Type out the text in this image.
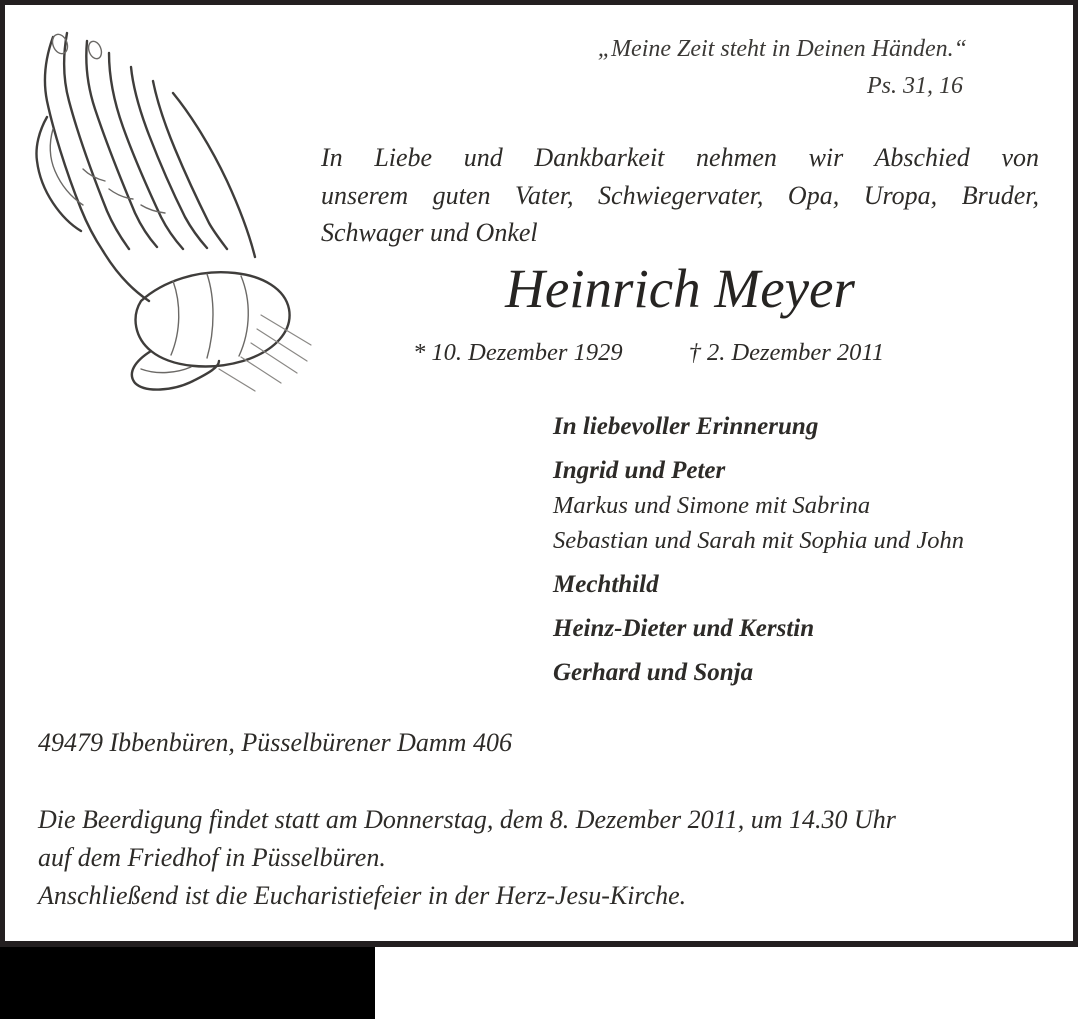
„Meine Zeit steht in Deinen Händen.“
Ps. 31, 16
In Liebe und Dankbarkeit nehmen wir Abschied von
unserem guten Vater, Schwiegervater, Opa, Uropa, Bruder,
Schwager und Onkel
Heinrich Meyer
* 10. Dezember 1929	† 2. Dezember 2011
In liebevoller Erinnerung
Ingrid und Peter
Markus und Simone mit Sabrina
Sebastian und Sarah mit Sophia und John
Mechthild
Heinz-Dieter und Kerstin
Gerhard und Sonja
49479 Ibbenbüren, Püsselbürener Damm 406
Die Beerdigung findet statt am Donnerstag, dem 8. Dezember 2011, um 14.30 Uhr
auf dem Friedhof in Püsselbüren.
Anschließend ist die Eucharistiefeier in der Herz-Jesu-Kirche.
